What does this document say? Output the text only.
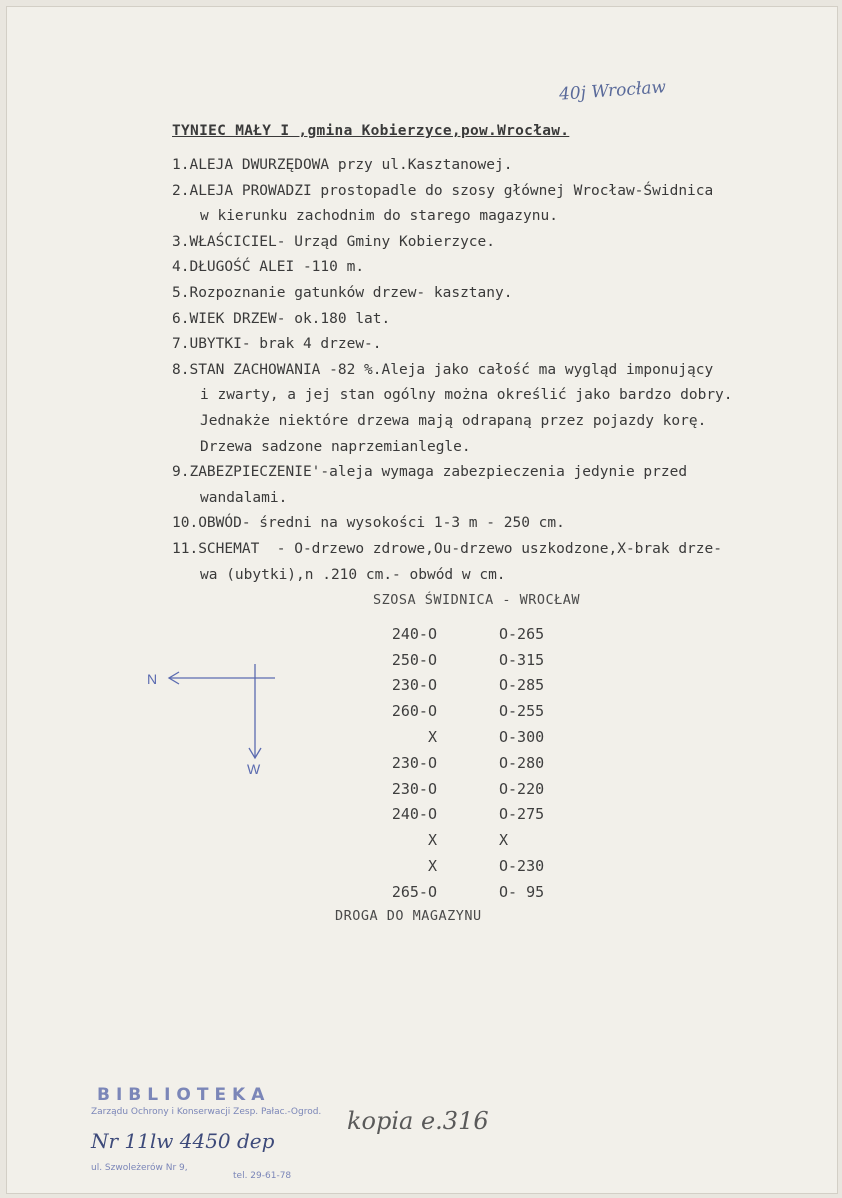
40j Wrocław
TYNIEC MAŁY I ,gmina Kobierzyce,pow.Wrocław.

1.ALEJA DWURZĘDOWA przy ul.Kasztanowej.

2.ALEJA PROWADZI prostopadle do szosy głównej Wrocław-Świdnica

w kierunku zachodnim do starego magazynu.

3.WŁAŚCICIEL- Urząd Gminy Kobierzyce.

4.DŁUGOŚĆ ALEI -110 m.

5.Rozpoznanie gatunków drzew- kasztany.

6.WIEK DRZEW- ok.180 lat.

7.UBYTKI- brak 4 drzew-.

8.STAN ZACHOWANIA -82 %.Aleja jako całość ma wygląd imponujący

i zwarty, a jej stan ogólny można określić jako bardzo dobry.

Jednakże niektóre drzewa mają odrapaną przez pojazdy korę.

Drzewa sadzone naprzemianlegle.

9.ZABEZPIECZENIE'-aleja wymaga zabezpieczenia jedynie przed

wandalami.

10.OBWÓD- średni na wysokości 1-3 m - 250 cm.

11.SCHEMAT  - O-drzewo zdrowe,Ou-drzewo uszkodzone,X-brak drze-

wa (ubytki),n .210 cm.- obwód w cm.

SZOSA ŚWIDNICA - WROCŁAW
240-O		O-265
250-O		O-315
230-O		O-285
260-O		O-255
X		O-300
230-O		O-280
230-O		O-220
240-O		O-275
X		X
X		O-230
265-O		O- 95
DROGA DO MAGAZYNU
N
W
BIBLIOTEKA
Zarządu Ochrony i Konserwacji Zesp. Pałac.-Ogrod.
ul. Szwoleżerów Nr 9,
tel. 29-61-78
Nr 11lw 4450 dep
kopia e.316
